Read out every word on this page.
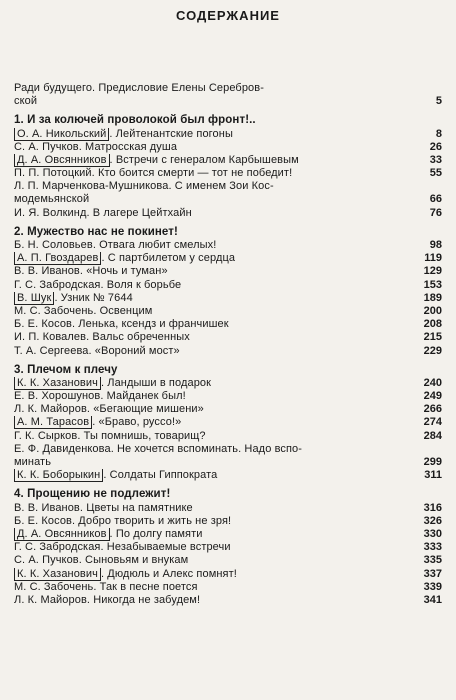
СОДЕРЖАНИЕ
Ради будущего. Предисловие Елены Серебров-
ской	5
1. И за колючей проволокой был фронт!..
О. А. Никольский . Лейтенантские погоны	8
С. А. Пучков. Матросская душа	26
Д. А. Овсянников . Встречи с генералом Карбышевым	33
П. П. Потоцкий. Кто боится смерти — тот не победит!	55
Л. П. Марченкова-Мушникова. С именем Зои Кос-
модемьянской	66
И. Я. Волкинд. В лагере Цейтхайн	76
2. Мужество нас не покинет!
Б. Н. Соловьев. Отвага любит смелых!	98
А. П. Гвоздарев . С партбилетом у сердца	119
В. В. Иванов. «Ночь и туман»	129
Г. С. Забродская. Воля к борьбе	153
В. Шук . Узник № 7644	189
М. С. Забочень. Освенцим	200
Б. Е. Косов. Ленька, ксендз и франчишек	208
И. П. Ковалев. Вальс обреченных	215
Т. А. Сергеева. «Вороний мост»	229
3. Плечом к плечу
К. К. Хазанович . Ландыши в подарок	240
Е. В. Хорошунов. Майданек был!	249
Л. К. Майоров. «Бегающие мишени»	266
А. М. Тарасов . «Браво, руссо!»	274
Г. К. Сырков. Ты помнишь, товарищ?	284
Е. Ф. Давиденкова. Не хочется вспоминать. Надо вспо-
минать	299
К. К. Боборыкин . Солдаты Гиппократа	311
4. Прощению не подлежит!
В. В. Иванов. Цветы на памятнике	316
Б. Е. Косов. Добро творить и жить не зря!	326
Д. А. Овсянников . По долгу памяти	330
Г. С. Забродская. Незабываемые встречи	333
С. А. Пучков. Сыновьям и внукам	335
К. К. Хазанович . Дюдюль и Алекс помнят!	337
М. С. Забочень. Так в песне поется	339
Л. К. Майоров. Никогда не забудем!	341
